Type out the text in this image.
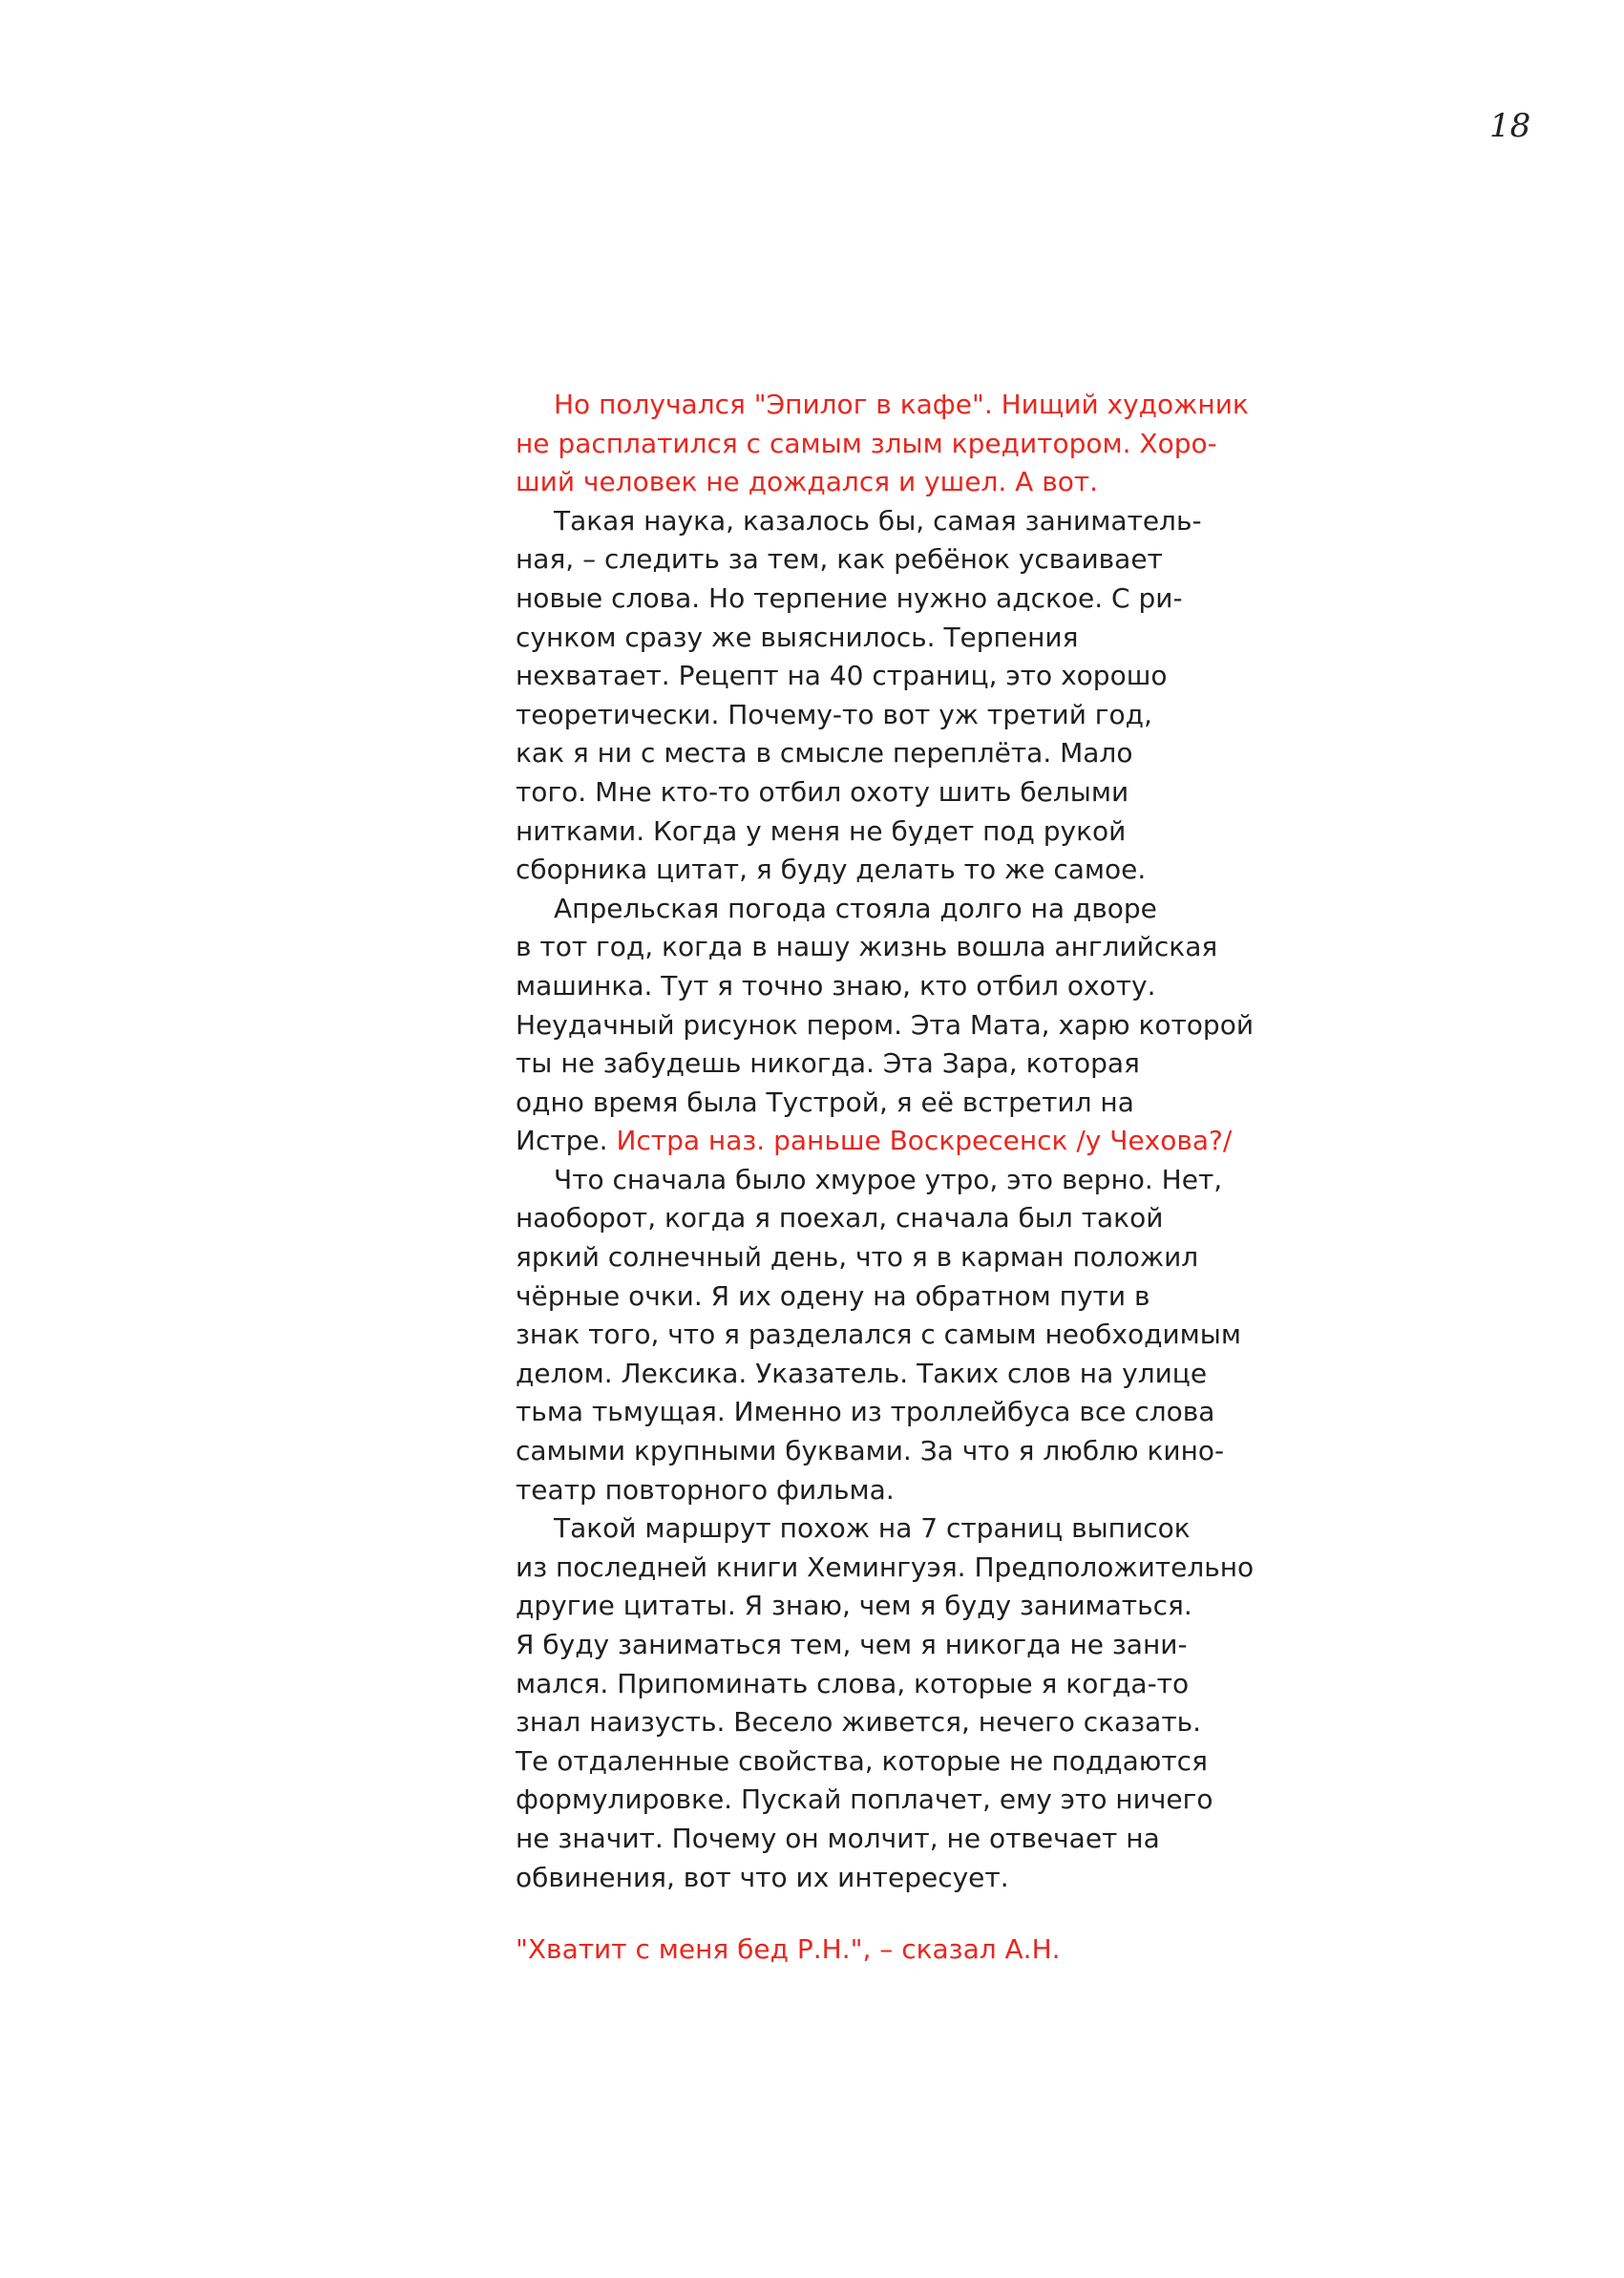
18
Но получался "Эпилог в кафе". Нищий художник
не расплатился с самым злым кредитором. Хоро-
ший человек не дождался и ушел. А вот.
Такая наука, казалось бы, самая заниматель-
ная, – следить за тем, как ребёнок усваивает
новые слова. Но терпение нужно адское. С ри-
сунком сразу же выяснилось. Терпения
нехватает. Рецепт на 40 страниц, это хорошо
теоретически. Почему-то вот уж третий год,
как я ни с места в смысле переплёта. Мало
того. Мне кто-то отбил охоту шить белыми
нитками. Когда у меня не будет под рукой
сборника цитат, я буду делать то же самое.
Апрельская погода стояла долго на дворе
в тот год, когда в нашу жизнь вошла английская
машинка. Тут я точно знаю, кто отбил охоту.
Неудачный рисунок пером. Эта Мата, харю которой
ты не забудешь никогда. Эта Зара, которая
одно время была Тустрой, я её встретил на
Истре. Истра наз. раньше Воскресенск /у Чехова?/
Что сначала было хмурое утро, это верно. Нет,
наоборот, когда я поехал, сначала был такой
яркий солнечный день, что я в карман положил
чёрные очки. Я их одену на обратном пути в
знак того, что я разделался с самым необходимым
делом. Лексика. Указатель. Таких слов на улице
тьма тьмущая. Именно из троллейбуса все слова
самыми крупными буквами. За что я люблю кино-
театр повторного фильма.
Такой маршрут похож на 7 страниц выписок
из последней книги Хемингуэя. Предположительно
другие цитаты. Я знаю, чем я буду заниматься.
Я буду заниматься тем, чем я никогда не зани-
мался. Припоминать слова, которые я когда-то
знал наизусть. Весело живется, нечего сказать.
Те отдаленные свойства, которые не поддаются
формулировке. Пускай поплачет, ему это ничего
не значит. Почему он молчит, не отвечает на
обвинения, вот что их интересует.
"Хватит с меня бед Р.Н.", – сказал А.Н.
